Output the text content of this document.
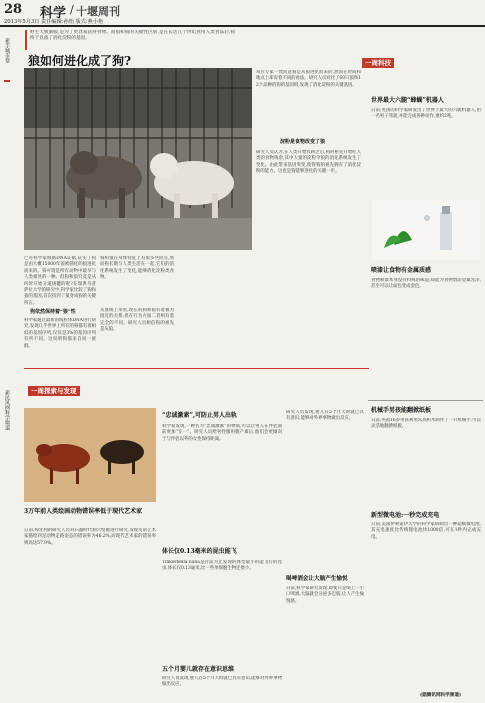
28 科学 / 十堰周刊
2013年5月3日 责任编辑:孙怡 版式:燕小艳
新手城市帮
新民风网科学频道
野生大被驯服,是为了更容易获得食物。而狼和狗的关键性区别,是在长达几个世纪食用人类食品后,狗终于具备了消化淀粉的基因。
狼如何进化成了狗?
已有科学家根据DNA证据,证实了狗是由大概15000年前被驯化的狼进化而来的。狗可谓是所有动物中最早与人类相处的一种。但狗和狼究竟是从何时开始分道扬镳的呢?在瑞典乌普萨拉大学的研究中,科学家比较了狗和狼的基因,首次找到了狼变成狗的关键所在。
狗依然保持着“狼”性
科学家通过最新的线粒体DNA进行研究,发现几乎世界上所有的狗都有着相似的基因序列,仅仅是3%的基因序列有所不同。这说明狗都来自同一族群。
狗和狼在身体特征上有很多共同点,然而狗长期与人类生活在一起,它们的消化系统发生了变化,能够消化淀粉类食物。
从血统上来看,现在的狗和狼有着极为接近的关系,但在行为方面二者则有着完全的不同。研究人员相信狗的祖先是灰狼。
每位专家一致同意狗是从狼进化而来的,然而在时间和地点上却有着不同的看法。研究人员对比了60只狼和12个品种的狗的基因组,发现了消化淀粉的关键基因。
淀粉是食物改变了狼
研究人员认为,在人类开始农耕之后,狗的祖先开始吃人类的食物残余,其中大量的淀粉令狼的消化系统发生了变化。由此带来基因突变,使得狗的祖先拥有了消化淀粉的能力。这也是狗能够进化的关键一步。
一周科技
世界最大六腿“蜂蝴”机器人
日前,英国的科学家研发出了世界上最大的六腿机器人,由一名男子驾驶,并能完成各种动作,重约2吨。
喷漆让食物有金属质感
食物喷漆本身没有特殊的味道,却能为食物增添金属光泽,甚至可以让面包变成金色。
机械手男孩能翻掀纸板
日前,英国16岁男孩利用乐高积木制作了一只机械手,可以灵活地翻掀纸板。
新型微电池:一秒完成充电
日前,美国伊利诺伊大学的科学家研制出一种超级微电池,其充电速度比传统锂电池快1000倍,可在1秒内完成充电。
(据腾讯网科学频道)
一周探索与发现
3万年前人类绘画动物错误率低于现代艺术家
日前,匈牙利的研究人员对石器时代洞穴壁画进行研究,发现史前艺术家描绘四足动物走路姿态的错误率为46.2%,而现代艺术家的错误率则高达57.9%。
“忠诚激素”,可防止男人出轨
科学家发现,一种名为“忠诚激素”的物质,可以让男人在伴侣面前更加“专一”。研究人员给男性服用催产素后,他们会更倾向于与伴侣以外的女性保持距离。
体长仅0.13毫米的昆虫能飞
Tinkerbella nana是目前为止发现的体型最小的能飞行的昆虫,体长仅0.13毫米,比一些单细胞生物还要小。
五个月婴儿就存在意识思维
研究人员发现,婴儿在5个月大时就已具有意识,能够对外界事物做出反应。
研究人员发现,婴儿在5个月大时就已具有意识,能够对外界事物做出反应。
喝啤酒会让大脑产生愉悦
日前,科学家研究发现,即使只是喝上一小口啤酒,大脑就会分泌多巴胺,让人产生愉悦感。
